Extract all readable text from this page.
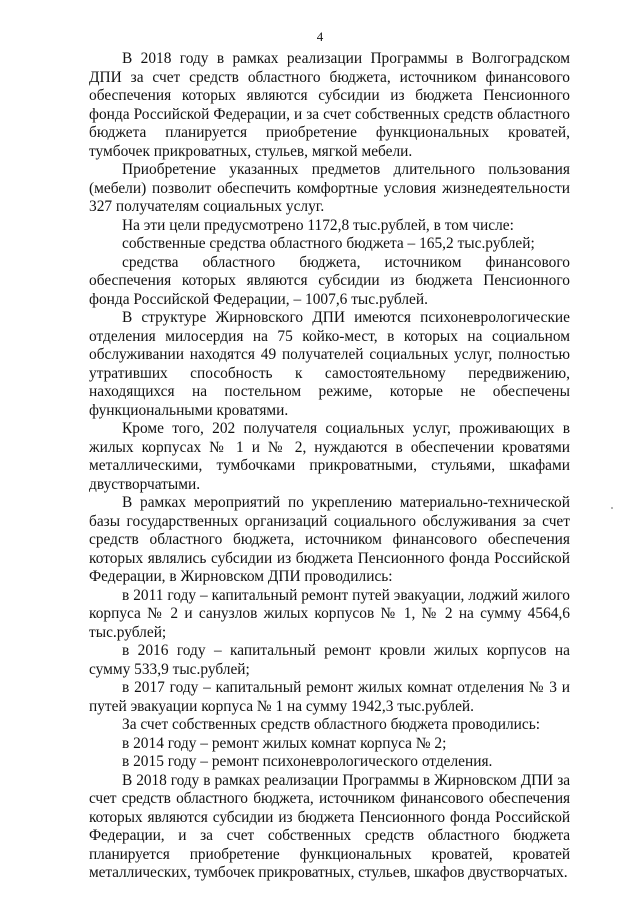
4

В 2018 году в рамках реализации Программы в Волгоградском ДПИ за счет средств областного бюджета, источником финансового обеспечения которых являются субсидии из бюджета Пенсионного фонда Российской Федерации, и за счет собственных средств областного бюджета планируется приобретение функциональных кроватей, тумбочек прикроватных, стульев, мягкой мебели.

Приобретение указанных предметов длительного пользования (мебели) позволит обеспечить комфортные условия жизнедеятельности 327 получателям социальных услуг.

На эти цели предусмотрено 1172,8 тыс.рублей, в том числе:

собственные средства областного бюджета – 165,2 тыс.рублей;

средства областного бюджета, источником финансового обеспечения которых являются субсидии из бюджета Пенсионного фонда Российской Федерации, – 1007,6 тыс.рублей.

В структуре Жирновского ДПИ имеются психоневрологические отделения милосердия на 75 койко-мест, в которых на социальном обслуживании находятся 49 получателей социальных услуг, полностью утративших способность к самостоятельному передвижению, находящихся на постельном режиме, которые не обеспечены функциональными кроватями.

Кроме того, 202 получателя социальных услуг, проживающих в жилых корпусах № 1 и № 2, нуждаются в обеспечении кроватями металлическими, тумбочками прикроватными, стульями, шкафами двустворчатыми.

В рамках мероприятий по укреплению материально-технической базы государственных организаций социального обслуживания за счет средств областного бюджета, источником финансового обеспечения которых являлись субсидии из бюджета Пенсионного фонда Российской Федерации, в Жирновском ДПИ проводились:

в 2011 году – капитальный ремонт путей эвакуации, лоджий жилого корпуса № 2 и санузлов жилых корпусов № 1, № 2 на сумму 4564,6 тыс.рублей;

в 2016 году – капитальный ремонт кровли жилых корпусов на сумму 533,9 тыс.рублей;

в 2017 году – капитальный ремонт жилых комнат отделения № 3 и путей эвакуации корпуса № 1 на сумму 1942,3 тыс.рублей.

За счет собственных средств областного бюджета проводились:

в 2014 году – ремонт жилых комнат корпуса № 2;

в 2015 году – ремонт психоневрологического отделения.

В 2018 году в рамках реализации Программы в Жирновском ДПИ за счет средств областного бюджета, источником финансового обеспечения которых являются субсидии из бюджета Пенсионного фонда Российской Федерации, и за счет собственных средств областного бюджета планируется приобретение функциональных кроватей, кроватей металлических, тумбочек прикроватных, стульев, шкафов двустворчатых.
